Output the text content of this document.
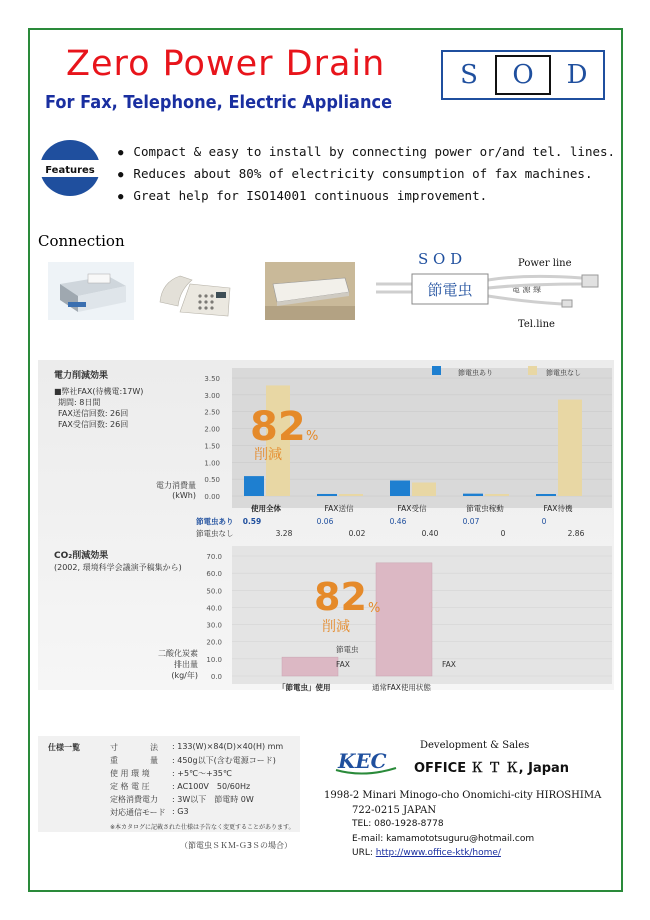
Zero Power Drain
For Fax, Telephone, Electric Appliance
S	O	D
Features
● Compact & easy to install by connecting power or/and tel. lines.
● Reduces about 80% of electricity consumption of fax machines.
● Great help for ISO14001 continuous improvement.
Connection
S O D	Power line
電 源 線
Tel.line
節電虫
電力削減効果
■弊社FAX(待機電:17W)
期間: 8日間
FAX送信回数: 26回
FAX受信回数: 26回
電力消費量 (kWh)
3.50
3.00
2.50
2.00
1.50
1.00
0.50
0.00
節電虫あり	節電虫なし
使用全体	FAX送信	FAX受信	節電虫稼動	FAX待機
節電虫あり
節電虫なし
0.59	0.06	0.46	0.07	0
3.28	0.02	0.40	0	2.86
82 %
削減
CO₂削減効果
(2002, 環境科学会議演予稿集から)
二酸化炭素
排出量
(kg/年)
70.0
60.0
50.0
40.0
30.0
20.0
10.0
0.0
節電虫
FAX	FAX
「節電虫」使用	通常FAX使用状態
82 %
削減
仕様一覧	寸　　　　法 : 133(W)×84(D)×40(H) mm
重　　　　量 : 450g以下(含む電源コード)
使 用 環 境	: +5℃～+35℃
定 格 電 圧	: AC100V　50/60Hz
定格消費電力 : 3W以下　節電時 0W
対応通信モード : G3
※本カタログに記載された仕様は予告なく変更することがあります。
（節電虫ＳＫＭ-Ｇ3Ｓの場合）
KEC
Development & Sales
OFFICE Ｋ Ｔ Ｋ, Japan
1998-2 Minari Minogo-cho Onomichi-city HIROSHIMA
722-0215 JAPAN
TEL: 080-1928-8778
E-mail: kamamototsuguru@hotmail.com
URL: http://www.office-ktk/home/
